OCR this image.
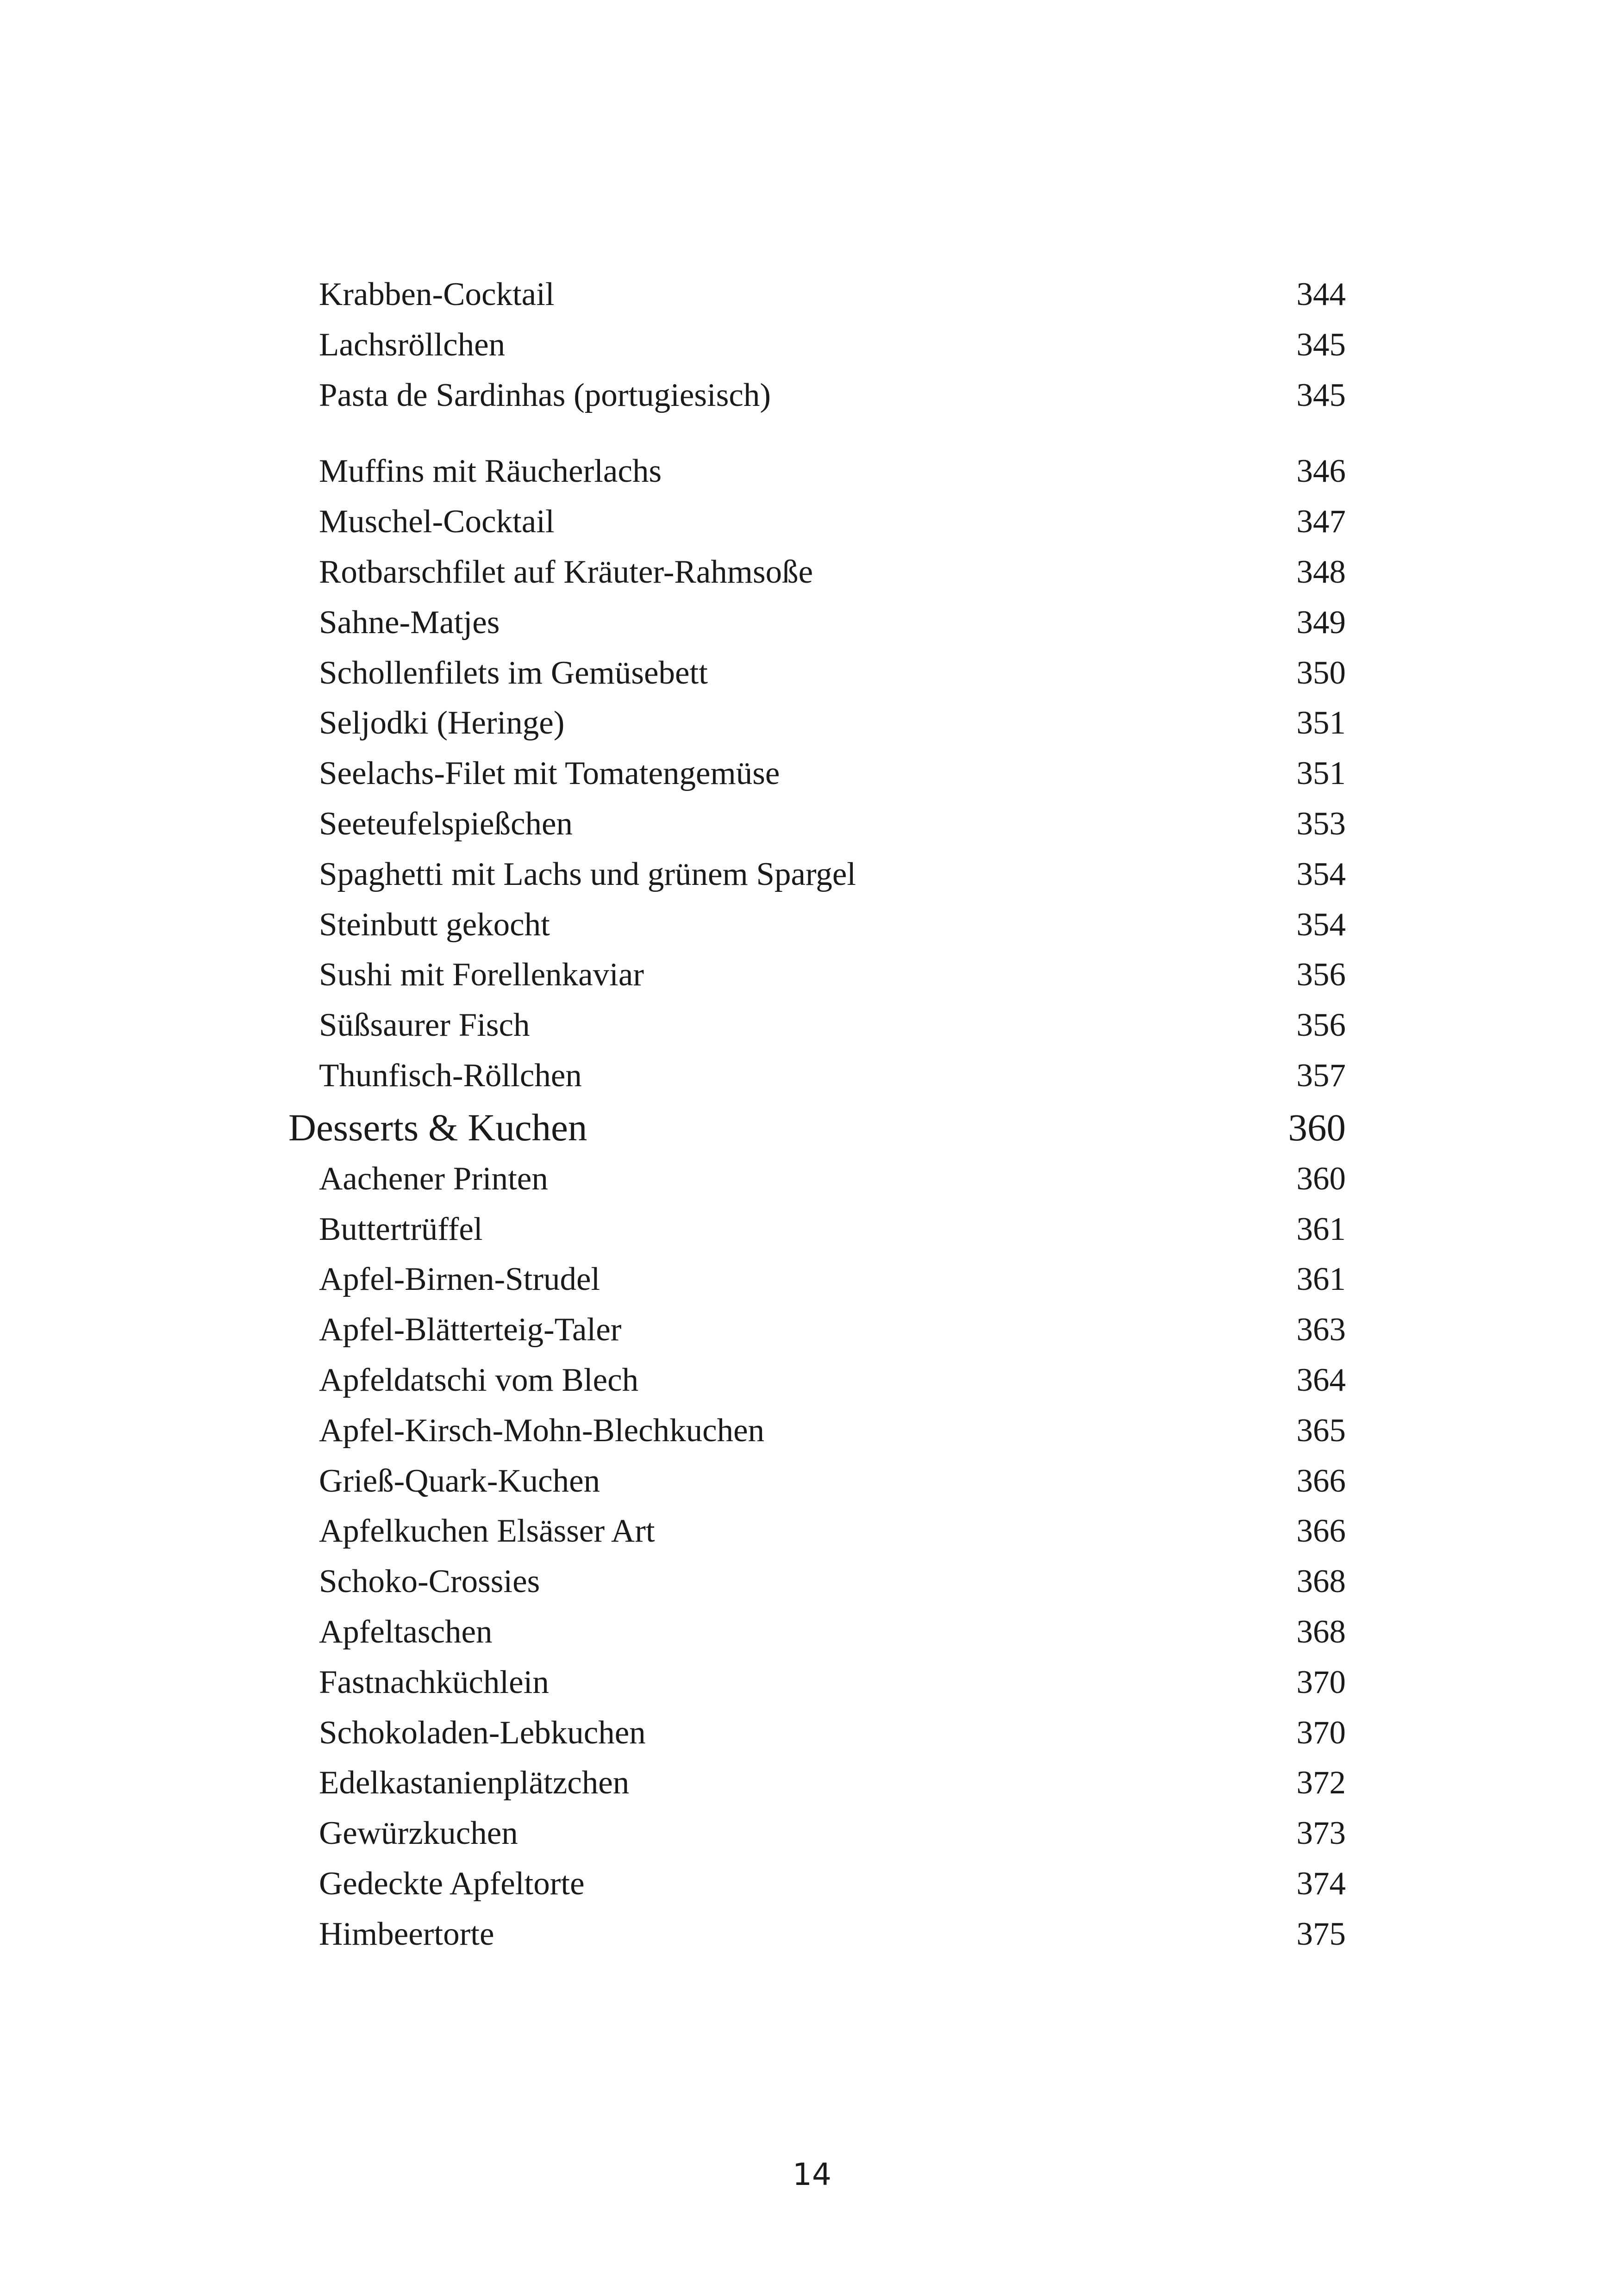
Krabben-Cocktail	344
Lachsröllchen	345
Pasta de Sardinhas (portugiesisch)	345
Muffins mit Räucherlachs	346
Muschel-Cocktail	347
Rotbarschfilet auf Kräuter-Rahmsoße	348
Sahne-Matjes	349
Schollenfilets im Gemüsebett	350
Seljodki (Heringe)	351
Seelachs-Filet mit Tomatengemüse	351
Seeteufelspießchen	353
Spaghetti mit Lachs und grünem Spargel	354
Steinbutt gekocht	354
Sushi mit Forellenkaviar	356
Süßsaurer Fisch	356
Thunfisch-Röllchen	357
Desserts & Kuchen	360
Aachener Printen	360
Buttertrüffel	361
Apfel-Birnen-Strudel	361
Apfel-Blätterteig-Taler	363
Apfeldatschi vom Blech	364
Apfel-Kirsch-Mohn-Blechkuchen	365
Grieß-Quark-Kuchen	366
Apfelkuchen Elsässer Art	366
Schoko-Crossies	368
Apfeltaschen	368
Fastnachküchlein	370
Schokoladen-Lebkuchen	370
Edelkastanienplätzchen	372
Gewürzkuchen	373
Gedeckte Apfeltorte	374
Himbeertorte	375
14
